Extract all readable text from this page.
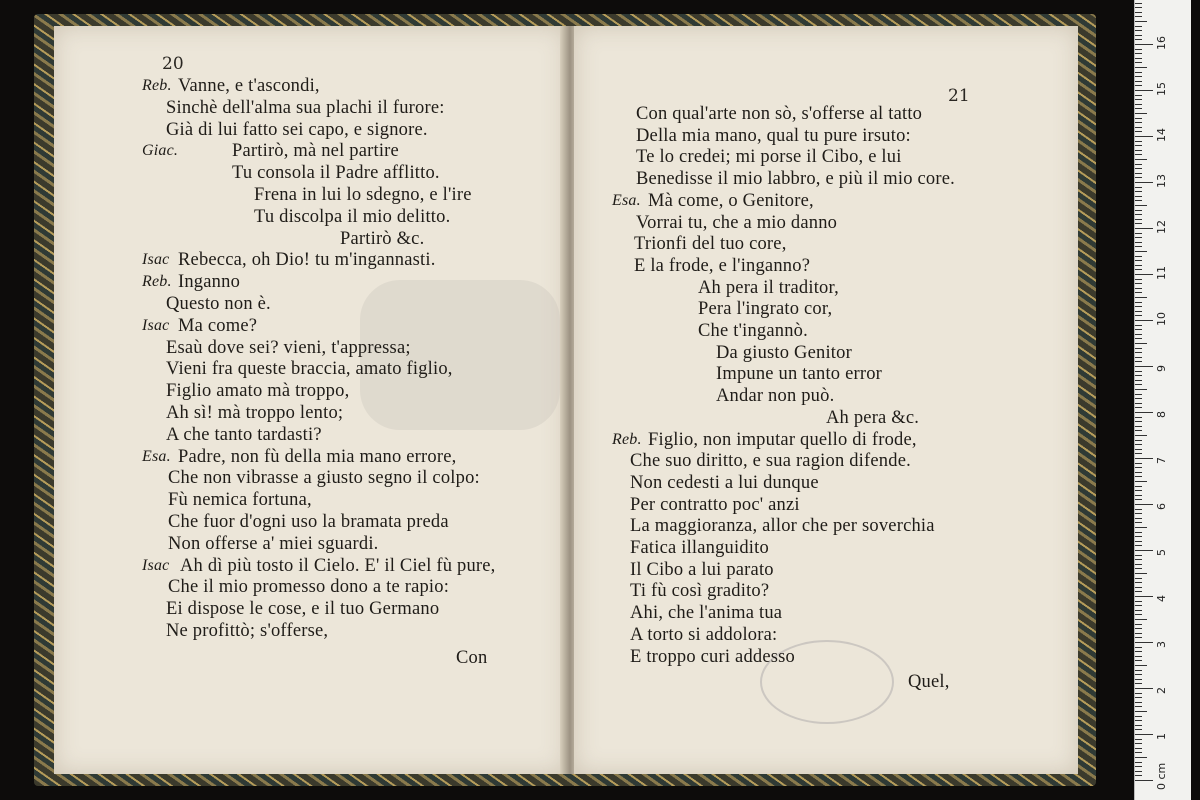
20
21
Reb. Vanne, e t'ascondi,
Sinchè dell'alma sua plachi il furore:
Già di lui fatto sei capo, e signore.
Giac.	Partirò, mà nel partire
Tu consola il Padre afflitto.
Frena in lui lo sdegno, e l'ire
Tu discolpa il mio delitto.
Partirò &c.
Isac Rebecca, oh Dio! tu m'ingannasti.
Reb. Inganno
Questo non è.
Isac Ma come?
Esaù dove sei? vieni, t'appressa;
Vieni fra queste braccia, amato figlio,
Figlio amato mà troppo,
Ah sì! mà troppo lento;
A che tanto tardasti?
Esa. Padre, non fù della mia mano errore,
Che non vibrasse a giusto segno il colpo:
Fù nemica fortuna,
Che fuor d'ogni uso la bramata preda
Non offerse a' miei sguardi.
Isac Ah dì più tosto il Cielo. E' il Ciel fù pure,
Che il mio promesso dono a te rapio:
Ei dispose le cose, e il tuo Germano
Ne profittò; s'offerse,
Con qual'arte non sò, s'offerse al tatto
Della mia mano, qual tu pure irsuto:
Te lo credei; mi porse il Cibo, e lui
Benedisse il mio labbro, e più il mio core.
Esa. Mà come, o Genitore,
Vorrai tu, che a mio danno
Trionfi del tuo core,
E la frode, e l'inganno?
Ah pera il traditor,
Pera l'ingrato cor,
Che t'ingannò.
Da giusto Genitor
Impune un tanto error
Andar non può.
Ah pera &c.
Reb. Figlio, non imputar quello di frode,
Che suo diritto, e sua ragion difende.
Non cedesti a lui dunque
Per contratto poc' anzi
La maggioranza, allor che per soverchia
Fatica illanguidito
Il Cibo a lui parato
Ti fù così gradito?
Ahi, che l'anima tua
A torto si addolora:
E troppo curi addesso
Con
Quel,
0 cm
1
2
3
4
5
6
7
8
9
10
11
12
13
14
15
16
